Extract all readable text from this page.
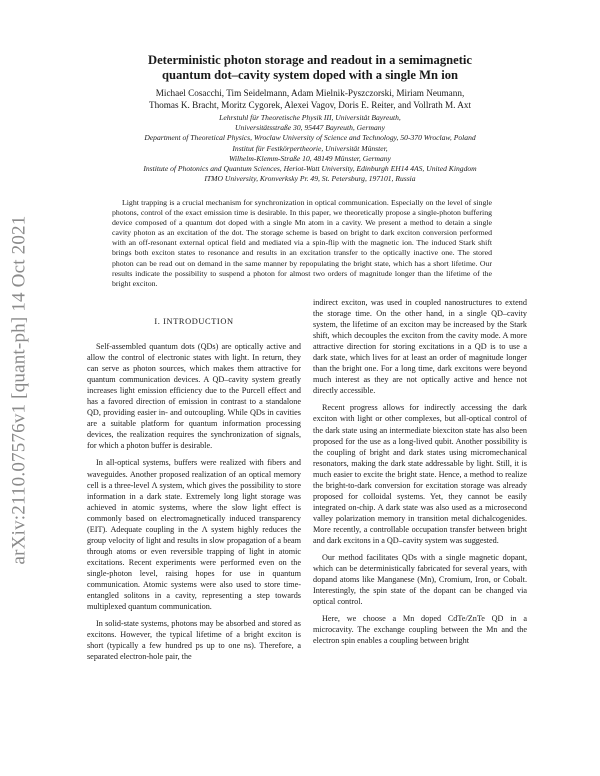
arXiv:2110.07576v1 [quant-ph] 14 Oct 2021
Deterministic photon storage and readout in a semimagnetic
quantum dot–cavity system doped with a single Mn ion
Michael Cosacchi, Tim Seidelmann, Adam Mielnik-Pyszczorski, Miriam Neumann,
Thomas K. Bracht, Moritz Cygorek, Alexei Vagov, Doris E. Reiter, and Vollrath M. Axt
Lehrstuhl für Theoretische Physik III, Universität Bayreuth,
Universitätsstraße 30, 95447 Bayreuth, Germany
Department of Theoretical Physics, Wroclaw University of Science and Technology, 50-370 Wroclaw, Poland
Institut für Festkörpertheorie, Universität Münster,
Wilhelm-Klemm-Straße 10, 48149 Münster, Germany
Institute of Photonics and Quantum Sciences, Heriot-Watt University, Edinburgh EH14 4AS, United Kingdom
ITMO University, Kronverksky Pr. 49, St. Petersburg, 197101, Russia

Light trapping is a crucial mechanism for synchronization in optical communication. Especially on the level of single photons, control of the exact emission time is desirable. In this paper, we theoretically propose a single-photon buffering device composed of a quantum dot doped with a single Mn atom in a cavity. We present a method to detain a single cavity photon as an excitation of the dot. The storage scheme is based on bright to dark exciton conversion performed with an off-resonant external optical field and mediated via a spin-flip with the magnetic ion. The induced Stark shift brings both exciton states to resonance and results in an excitation transfer to the optically inactive one. The stored photon can be read out on demand in the same manner by repopulating the bright state, which has a short lifetime. Our results indicate the possibility to suspend a photon for almost two orders of magnitude longer than the lifetime of the bright exciton.

I. INTRODUCTION

Self-assembled quantum dots (QDs) are optically active and allow the control of electronic states with light. In return, they can serve as photon sources, which makes them attractive for quantum communication devices. A QD–cavity system greatly increases light emission efficiency due to the Purcell effect and has a favored direction of emission in contrast to a standalone QD, providing easier in- and outcoupling. While QDs in cavities are a suitable platform for quantum information processing devices, the realization requires the synchronization of signals, for which a photon buffer is desirable.

In all-optical systems, buffers were realized with fibers and waveguides. Another proposed realization of an optical memory cell is a three-level Λ system, which gives the possibility to store information in a dark state. Extremely long light storage was achieved in atomic systems, where the slow light effect is commonly based on electromagnetically induced transparency (EIT). Adequate coupling in the Λ system highly reduces the group velocity of light and results in slow propagation of a beam through atoms or even reversible trapping of light in atomic excitations. Recent experiments were performed even on the single-photon level, raising hopes for use in quantum communication. Atomic systems were also used to store time-entangled solitons in a cavity, representing a step towards multiplexed quantum communication.

In solid-state systems, photons may be absorbed and stored as excitons. However, the typical lifetime of a bright exciton is short (typically a few hundred ps up to one ns). Therefore, a separated electron-hole pair, the

indirect exciton, was used in coupled nanostructures to extend the storage time. On the other hand, in a single QD–cavity system, the lifetime of an exciton may be increased by the Stark shift, which decouples the exciton from the cavity mode. A more attractive direction for storing excitations in a QD is to use a dark state, which lives for at least an order of magnitude longer than the bright one. For a long time, dark excitons were beyond much interest as they are not optically active and hence not directly accessible.

Recent progress allows for indirectly accessing the dark exciton with light or other complexes, but all-optical control of the dark state using an intermediate biexciton state has also been proposed for the use as a long-lived qubit. Another possibility is the coupling of bright and dark states using micromechanical resonators, making the dark state addressable by light. Still, it is much easier to excite the bright state. Hence, a method to realize the bright-to-dark conversion for excitation storage was already proposed for colloidal systems. Yet, they cannot be easily integrated on-chip. A dark state was also used as a microsecond valley polarization memory in transition metal dichalcogenides. More recently, a controllable occupation transfer between bright and dark excitons in a QD–cavity system was suggested.

Our method facilitates QDs with a single magnetic dopant, which can be deterministically fabricated for several years, with dopand atoms like Manganese (Mn), Cromium, Iron, or Cobalt. Interestingly, the spin state of the dopant can be changed via optical control.

Here, we choose a Mn doped CdTe/ZnTe QD in a microcavity. The exchange coupling between the Mn and the electron spin enables a coupling between bright
